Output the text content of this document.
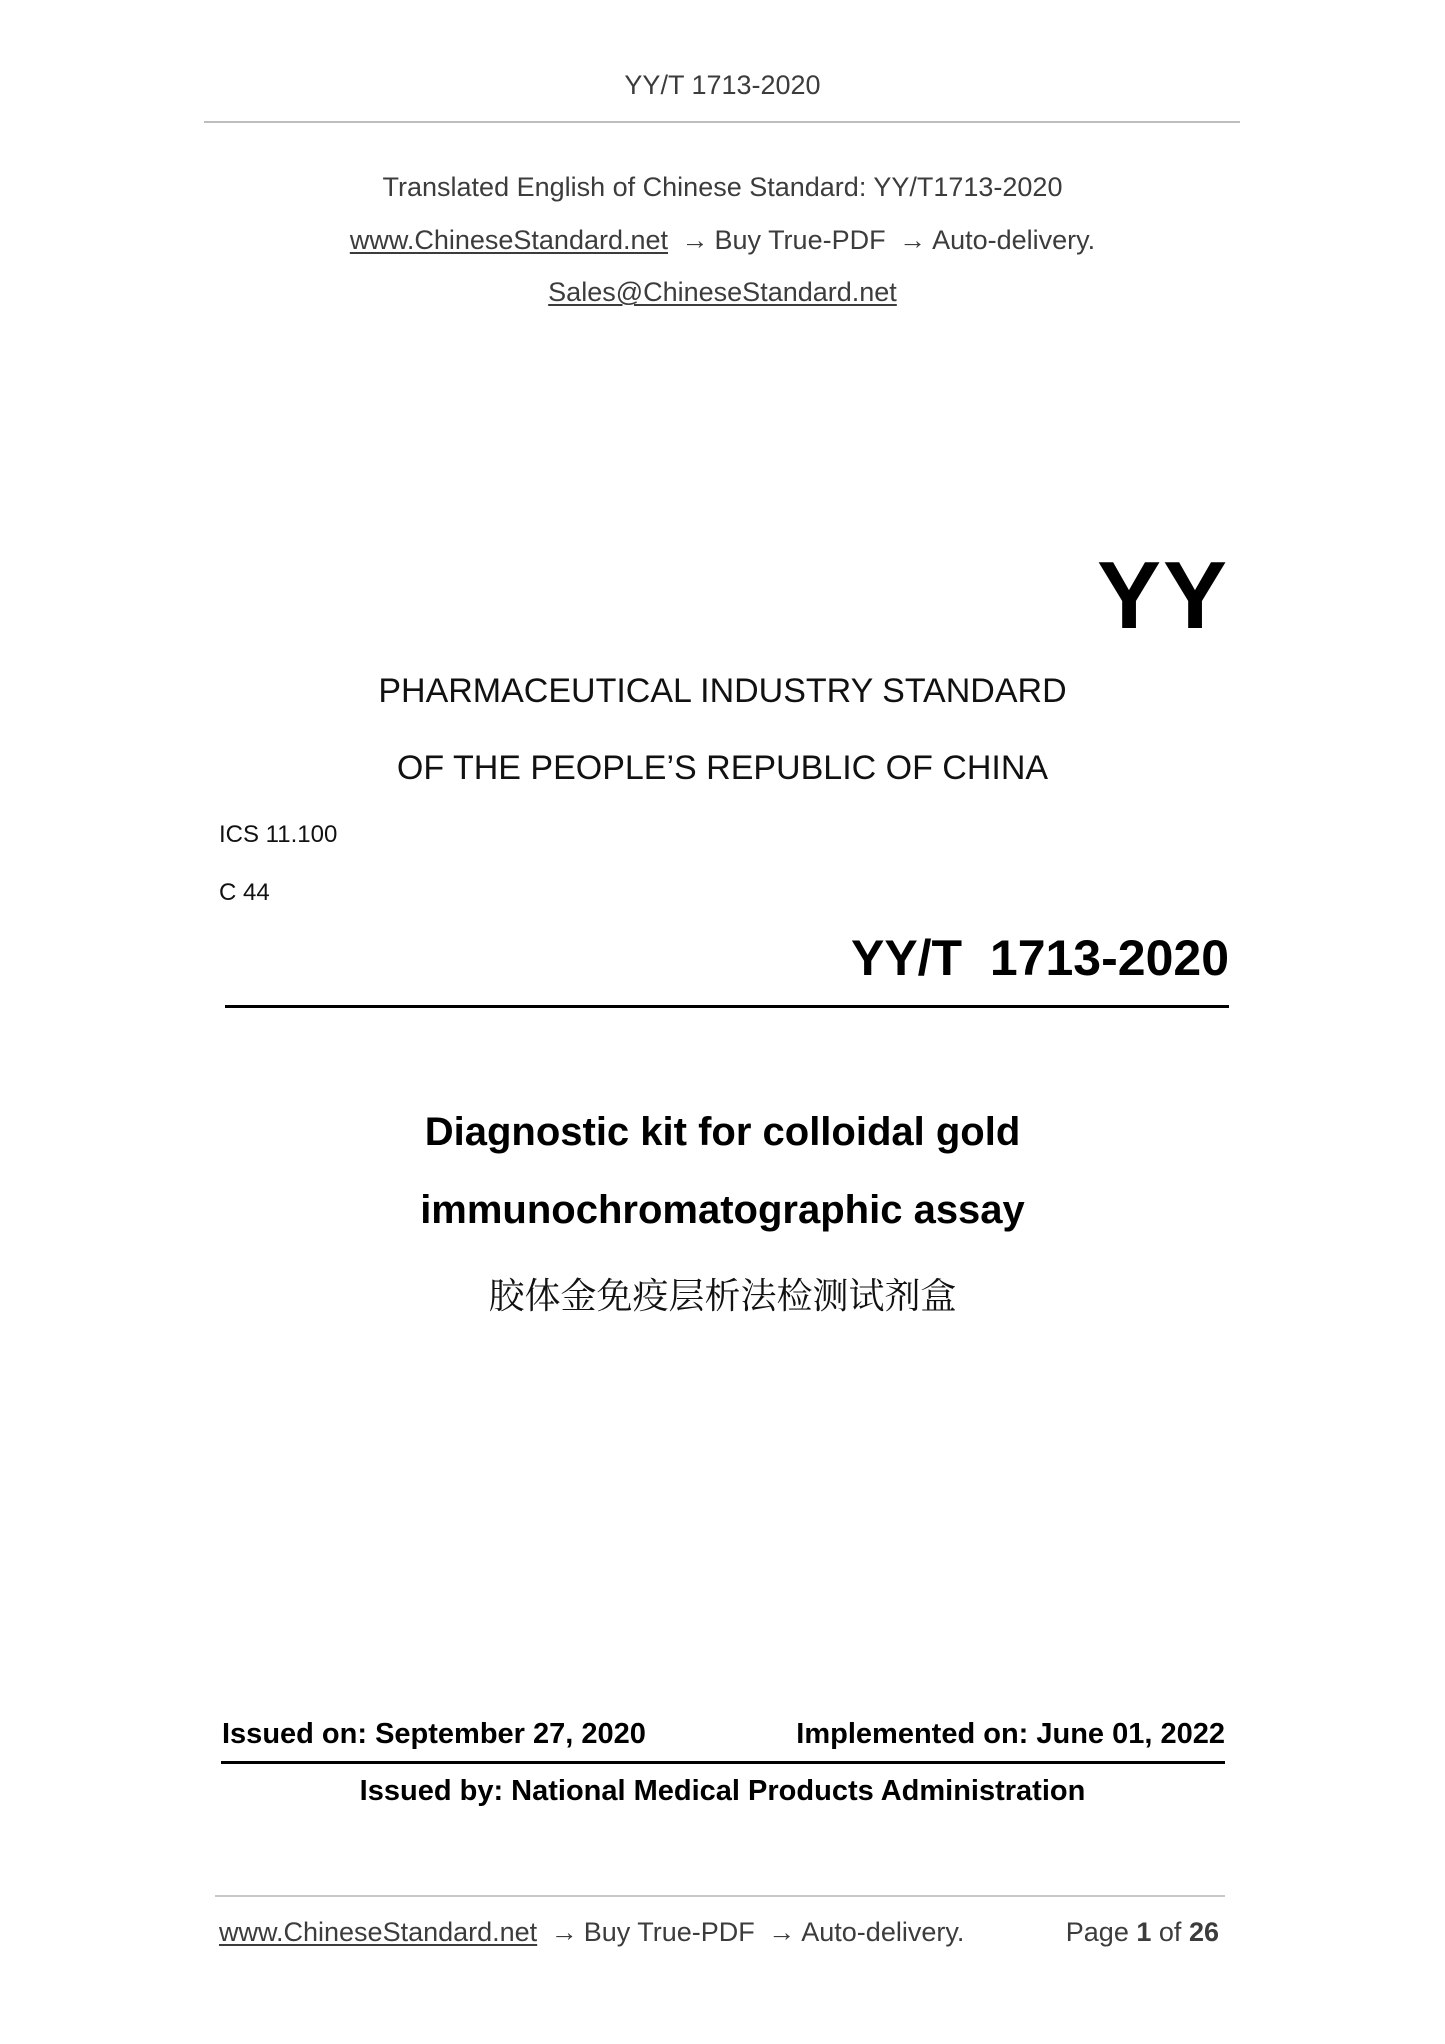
YY/T 1713-2020
Translated English of Chinese Standard: YY/T1713-2020
www.ChineseStandard.net → Buy True-PDF → Auto-delivery.
Sales@ChineseStandard.net
YY
PHARMACEUTICAL INDUSTRY STANDARD
OF THE PEOPLE’S REPUBLIC OF CHINA
ICS 11.100
C 44
YY/T  1713-2020
Diagnostic kit for colloidal gold
immunochromatographic assay
胶体金免疫层析法检测试剂盒
Issued on: September 27, 2020	Implemented on: June 01, 2022
Issued by: National Medical Products Administration
www.ChineseStandard.net → Buy True-PDF → Auto-delivery.	Page 1 of 26
